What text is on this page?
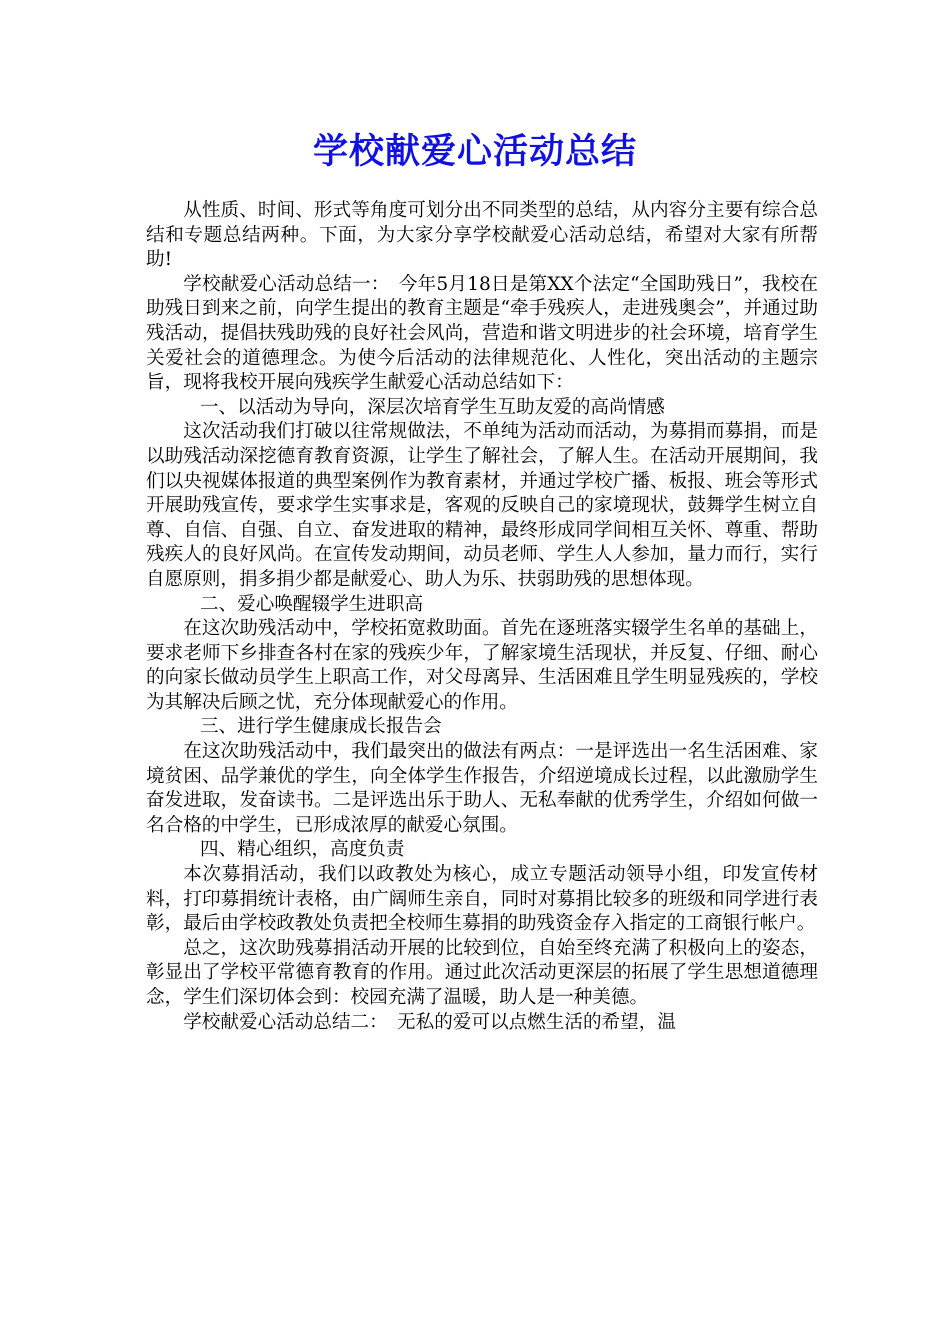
学校献爱心活动总结

从性质、时间、形式等角度可划分出不同类型的总结，从内容分主要有综合总结和专题总结两种。下面，为大家分享学校献爱心活动总结，希望对大家有所帮助!

学校献爱心活动总结一：　今年5月18日是第XX个法定“全国助残日”，我校在助残日到来之前，向学生提出的教育主题是“牵手残疾人，走进残奥会”，并通过助残活动，提倡扶残助残的良好社会风尚，营造和谐文明进步的社会环境，培育学生关爱社会的道德理念。为使今后活动的法律规范化、人性化，突出活动的主题宗旨，现将我校开展向残疾学生献爱心活动总结如下：

一、以活动为导向，深层次培育学生互助友爱的高尚情感

这次活动我们打破以往常规做法，不单纯为活动而活动，为募捐而募捐，而是以助残活动深挖德育教育资源，让学生了解社会，了解人生。在活动开展期间，我们以央视媒体报道的典型案例作为教育素材，并通过学校广播、板报、班会等形式开展助残宣传，要求学生实事求是，客观的反映自己的家境现状，鼓舞学生树立自尊、自信、自强、自立、奋发进取的精神，最终形成同学间相互关怀、尊重、帮助残疾人的良好风尚。在宣传发动期间，动员老师、学生人人参加，量力而行，实行自愿原则，捐多捐少都是献爱心、助人为乐、扶弱助残的思想体现。

二、爱心唤醒辍学生进职高

在这次助残活动中，学校拓宽救助面。首先在逐班落实辍学生名单的基础上，要求老师下乡排查各村在家的残疾少年，了解家境生活现状，并反复、仔细、耐心的向家长做动员学生上职高工作，对父母离异、生活困难且学生明显残疾的，学校为其解决后顾之忧，充分体现献爱心的作用。

三、进行学生健康成长报告会

在这次助残活动中，我们最突出的做法有两点：一是评选出一名生活困难、家境贫困、品学兼优的学生，向全体学生作报告，介绍逆境成长过程，以此激励学生奋发进取，发奋读书。二是评选出乐于助人、无私奉献的优秀学生，介绍如何做一名合格的中学生，已形成浓厚的献爱心氛围。

四、精心组织，高度负责

本次募捐活动，我们以政教处为核心，成立专题活动领导小组，印发宣传材料，打印募捐统计表格，由广阔师生亲自，同时对募捐比较多的班级和同学进行表彰，最后由学校政教处负责把全校师生募捐的助残资金存入指定的工商银行帐户。

总之，这次助残募捐活动开展的比较到位，自始至终充满了积极向上的姿态，彰显出了学校平常德育教育的作用。通过此次活动更深层的拓展了学生思想道德理念，学生们深切体会到：校园充满了温暖，助人是一种美德。

学校献爱心活动总结二：　无私的爱可以点燃生活的希望，温
